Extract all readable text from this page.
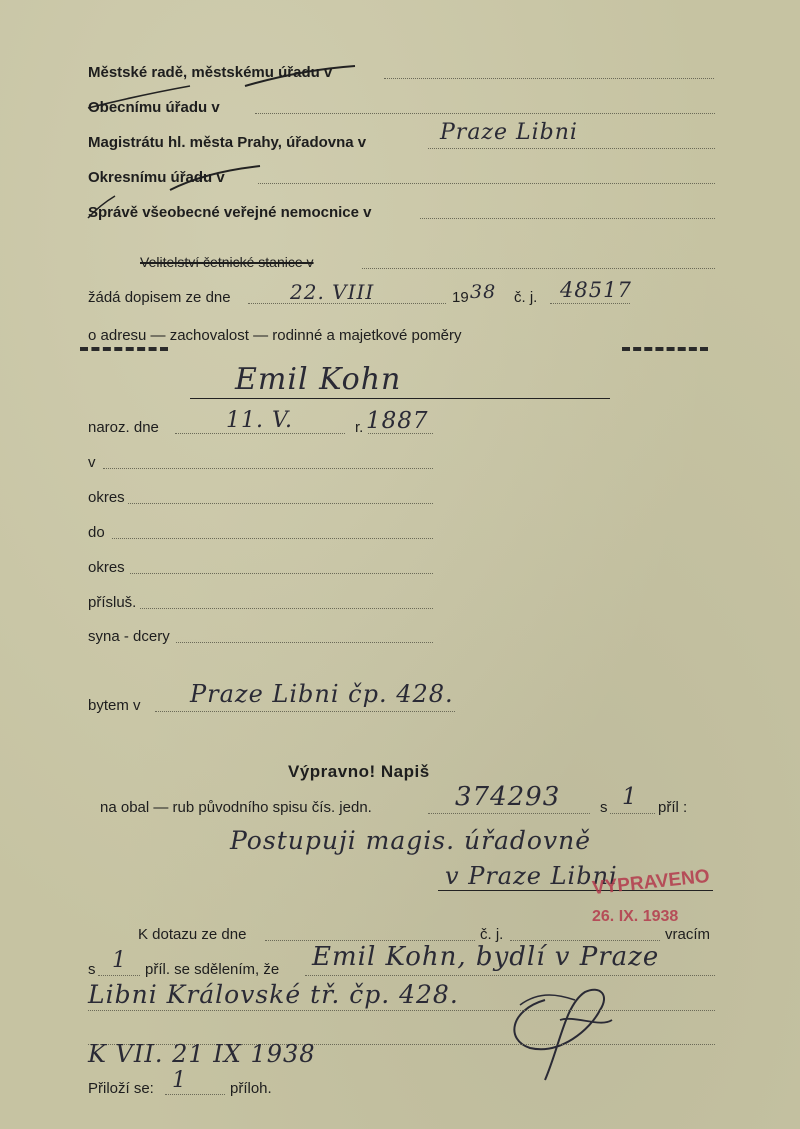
Městské radě, městskému úřadu v
Obecnímu úřadu v
Magistrátu hl. města Prahy, úřadovna v	Praze Libni
Okresnímu úřadu v
Správě všeobecné veřejné nemocnice v
Velitelství četnické stanice v
žádá dopisem ze dne	22. VIII	19 38 č. j. 48517
o adresu — zachovalost — rodinné a majetkové poměry
Emil Kohn
naroz. dne	11. V.	r. 1887
v
okres
do
okres
přísluš.
syna - dcery
bytem v Praze Libni čp. 428.
Výpravno! Napiš
na obal — rub původního spisu čís. jedn.	374293	s 1 příl :
Postupuji magis. úřadovně
v Praze Libni
VYPRAVENO
26. IX. 1938
K dotazu ze dne	č. j.	vracím
s 1 příl. se sdělením, že Emil Kohn, bydlí v Praze
Libni Královské tř. čp. 428.
K VII. 21 IX 1938
Přiloží se: 1	příloh.
